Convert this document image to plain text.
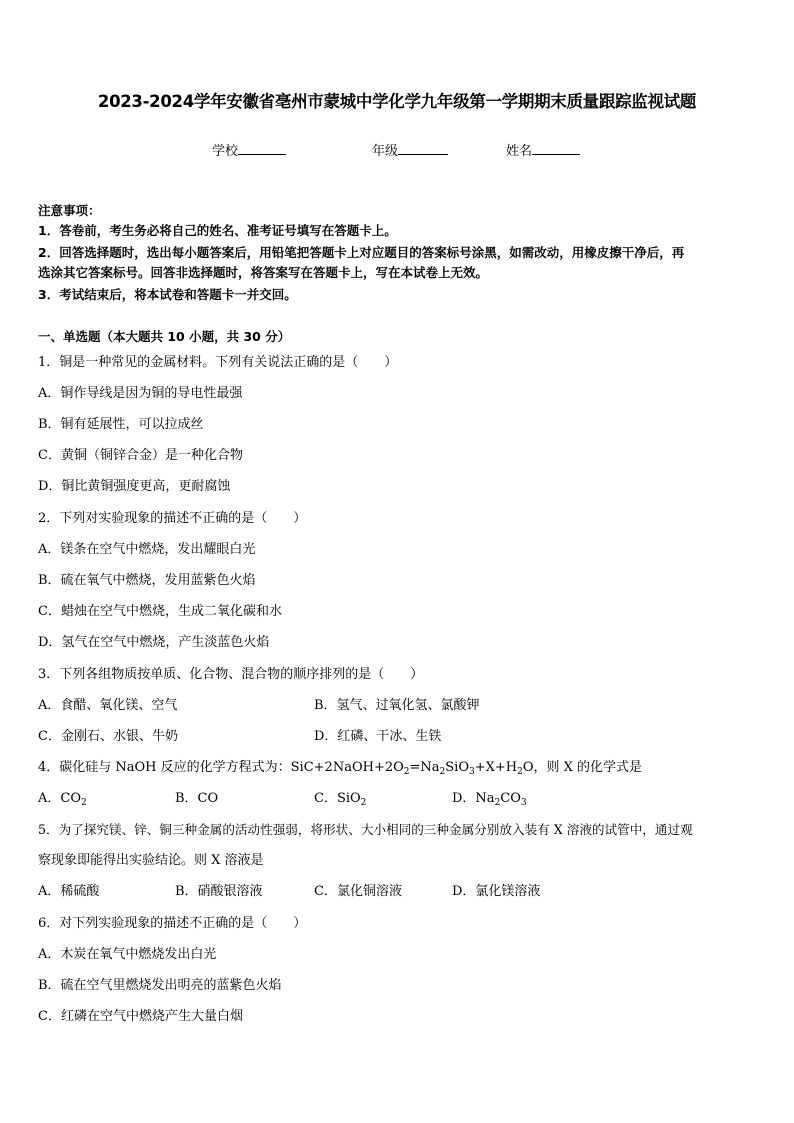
2023-2024学年安徽省亳州市蒙城中学化学九年级第一学期期末质量跟踪监视试题
学校	年级	姓名
注意事项：
1．答卷前，考生务必将自己的姓名、准考证号填写在答题卡上。
2．回答选择题时，选出每小题答案后，用铅笔把答题卡上对应题目的答案标号涂黑，如需改动，用橡皮擦干净后，再
选涂其它答案标号。回答非选择题时，将答案写在答题卡上，写在本试卷上无效。
3．考试结束后，将本试卷和答题卡一并交回。
一、单选题（本大题共 10 小题，共 30 分）
1．铜是一种常见的金属材料。下列有关说法正确的是（　　）
A．铜作导线是因为铜的导电性最强
B．铜有延展性，可以拉成丝
C．黄铜（铜锌合金）是一种化合物
D．铜比黄铜强度更高，更耐腐蚀
2．下列对实验现象的描述不正确的是（　　）
A．镁条在空气中燃烧，发出耀眼白光
B．硫在氧气中燃烧，发用蓝紫色火焰
C．蜡烛在空气中燃烧，生成二氧化碳和水
D．氢气在空气中燃烧，产生淡蓝色火焰
3．下列各组物质按单质、化合物、混合物的顺序排列的是（　　）
A．食醋、氧化镁、空气	B．氢气、过氧化氢、氯酸钾
C．金刚石、水银、牛奶	D．红磷、干冰、生铁
4．碳化硅与 NaOH 反应的化学方程式为：$SiC+2NaOH+2O_2=Na_2SiO_3+X+H_2O$，则 X 的化学式是
A．$CO_2$	B．CO	C．SiO$_2$	D．$Na_2CO_3$
5．为了探究镁、锌、铜三种金属的活动性强弱，将形状、大小相同的三种金属分别放入装有 X 溶液的试管中，通过观
察现象即能得出实验结论。则 X 溶液是
A．稀硫酸	B．硝酸银溶液	C．氯化铜溶液	D．氯化镁溶液
6．对下列实验现象的描述不正确的是（　　）
A．木炭在氧气中燃烧发出白光
B．硫在空气里燃烧发出明亮的蓝紫色火焰
C．红磷在空气中燃烧产生大量白烟
